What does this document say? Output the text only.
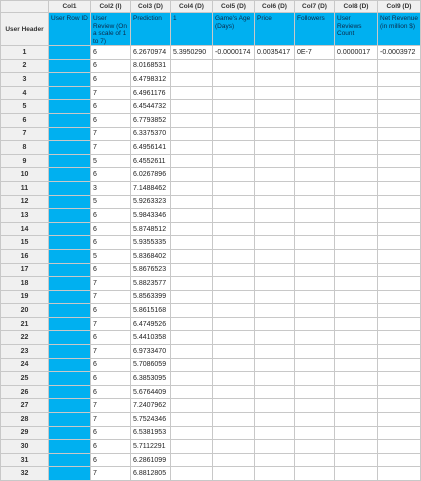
	Col1	Col2 (I)	Col3 (D)	Col4 (D)	Col5 (D)	Col6 (D)	Col7 (D)	Col8 (D)	Col9 (D)
User Header	User Row ID	User Review (On a scale of 1 to 7)	Prediction	1	Game's Age (Days)	Price	Followers	User Reviews Count	Net Revenue (in million $)
1		6	6.2670974	5.3950290	-0.0000174	0.0035417	0E-7	0.0000017	-0.0003972
2		6	8.0168531						
3		6	6.4798312						
4		7	6.4961176						
5		6	6.4544732						
6		6	6.7793852						
7		7	6.3375370						
8		7	6.4956141						
9		5	6.4552611						
10		6	6.0267896						
11		3	7.1488462						
12		5	5.9263323						
13		6	5.9843346						
14		6	5.8748512						
15		6	5.9355335						
16		5	5.8368402						
17		6	5.8676523						
18		7	5.8823577						
19		7	5.8563399						
20		6	5.8615168						
21		7	6.4749526						
22		6	5.4410358						
23		7	6.9733470						
24		6	5.7086059						
25		6	6.3853095						
26		6	5.6764409						
27		7	7.2407962						
28		7	5.7524346						
29		6	6.5381953						
30		6	5.7112291						
31		6	6.2861099						
32		7	6.8812805						
